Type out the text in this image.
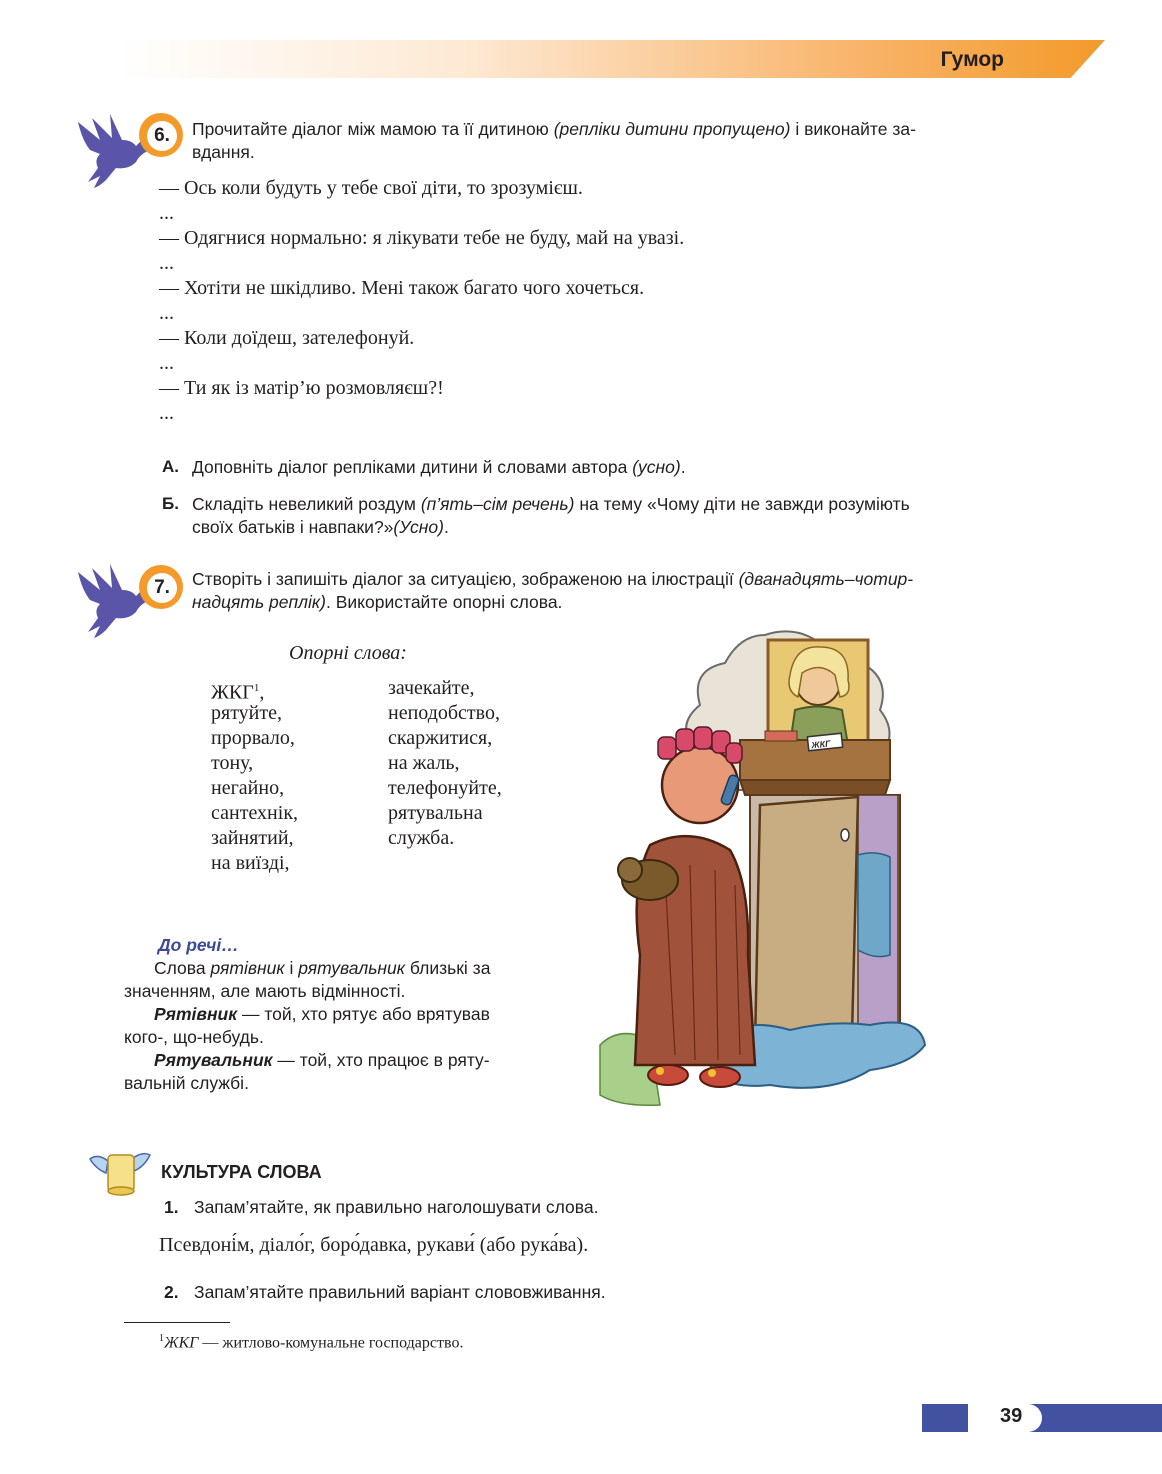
Гумор
6.	Прочитайте діалог між мамою та її дитиною (репліки дитини пропущено) і виконайте за-
вдання.
— Ось коли будуть у тебе свої діти, то зрозумієш.
...
— Одягнися нормально: я лікувати тебе не буду, май на увазі.
...
— Хотіти не шкідливо. Мені також багато чого хочеться.
...
— Коли доїдеш, зателефонуй.
...
— Ти як із матір’ю розмовляєш?!
...
А. Доповніть діалог репліками дитини й словами автора (усно).
Б. Складіть невеликий роздум (п’ять–сім речень) на тему «Чому діти не завжди розуміють
своїх батьків і навпаки?»(Усно).
7.	Створіть і запишіть діалог за ситуацією, зображеною на ілюстрації (дванадцять–чотир-
надцять реплік). Використайте опорні слова.
Опорні слова:
ЖКГ$^1$,
рятуйте,
прорвало,
тону,
негайно,
сантехнік,
зайнятий,
на виїзді,
зачекайте,
неподобство,
скаржитися,
на жаль,
телефонуйте,
рятувальна
служба.
До речі…
Слова рятівник і рятувальник близькі за
значенням, але мають відмінності.
Рятівник — той, хто рятує або врятував
кого-, що-небудь.
Рятувальник — той, хто працює в ряту-
вальній службі.
ЖКГ
КУЛЬТУРА СЛОВА
1. Запам’ятайте, як правильно наголошувати слова.
Псевдоні́м, діало́г, боро́давка, рукави́ (або рука́ва).
2. Запам’ятайте правильний варіант слововживання.
$^1$ЖКГ — житлово-комунальне господарство.
39
